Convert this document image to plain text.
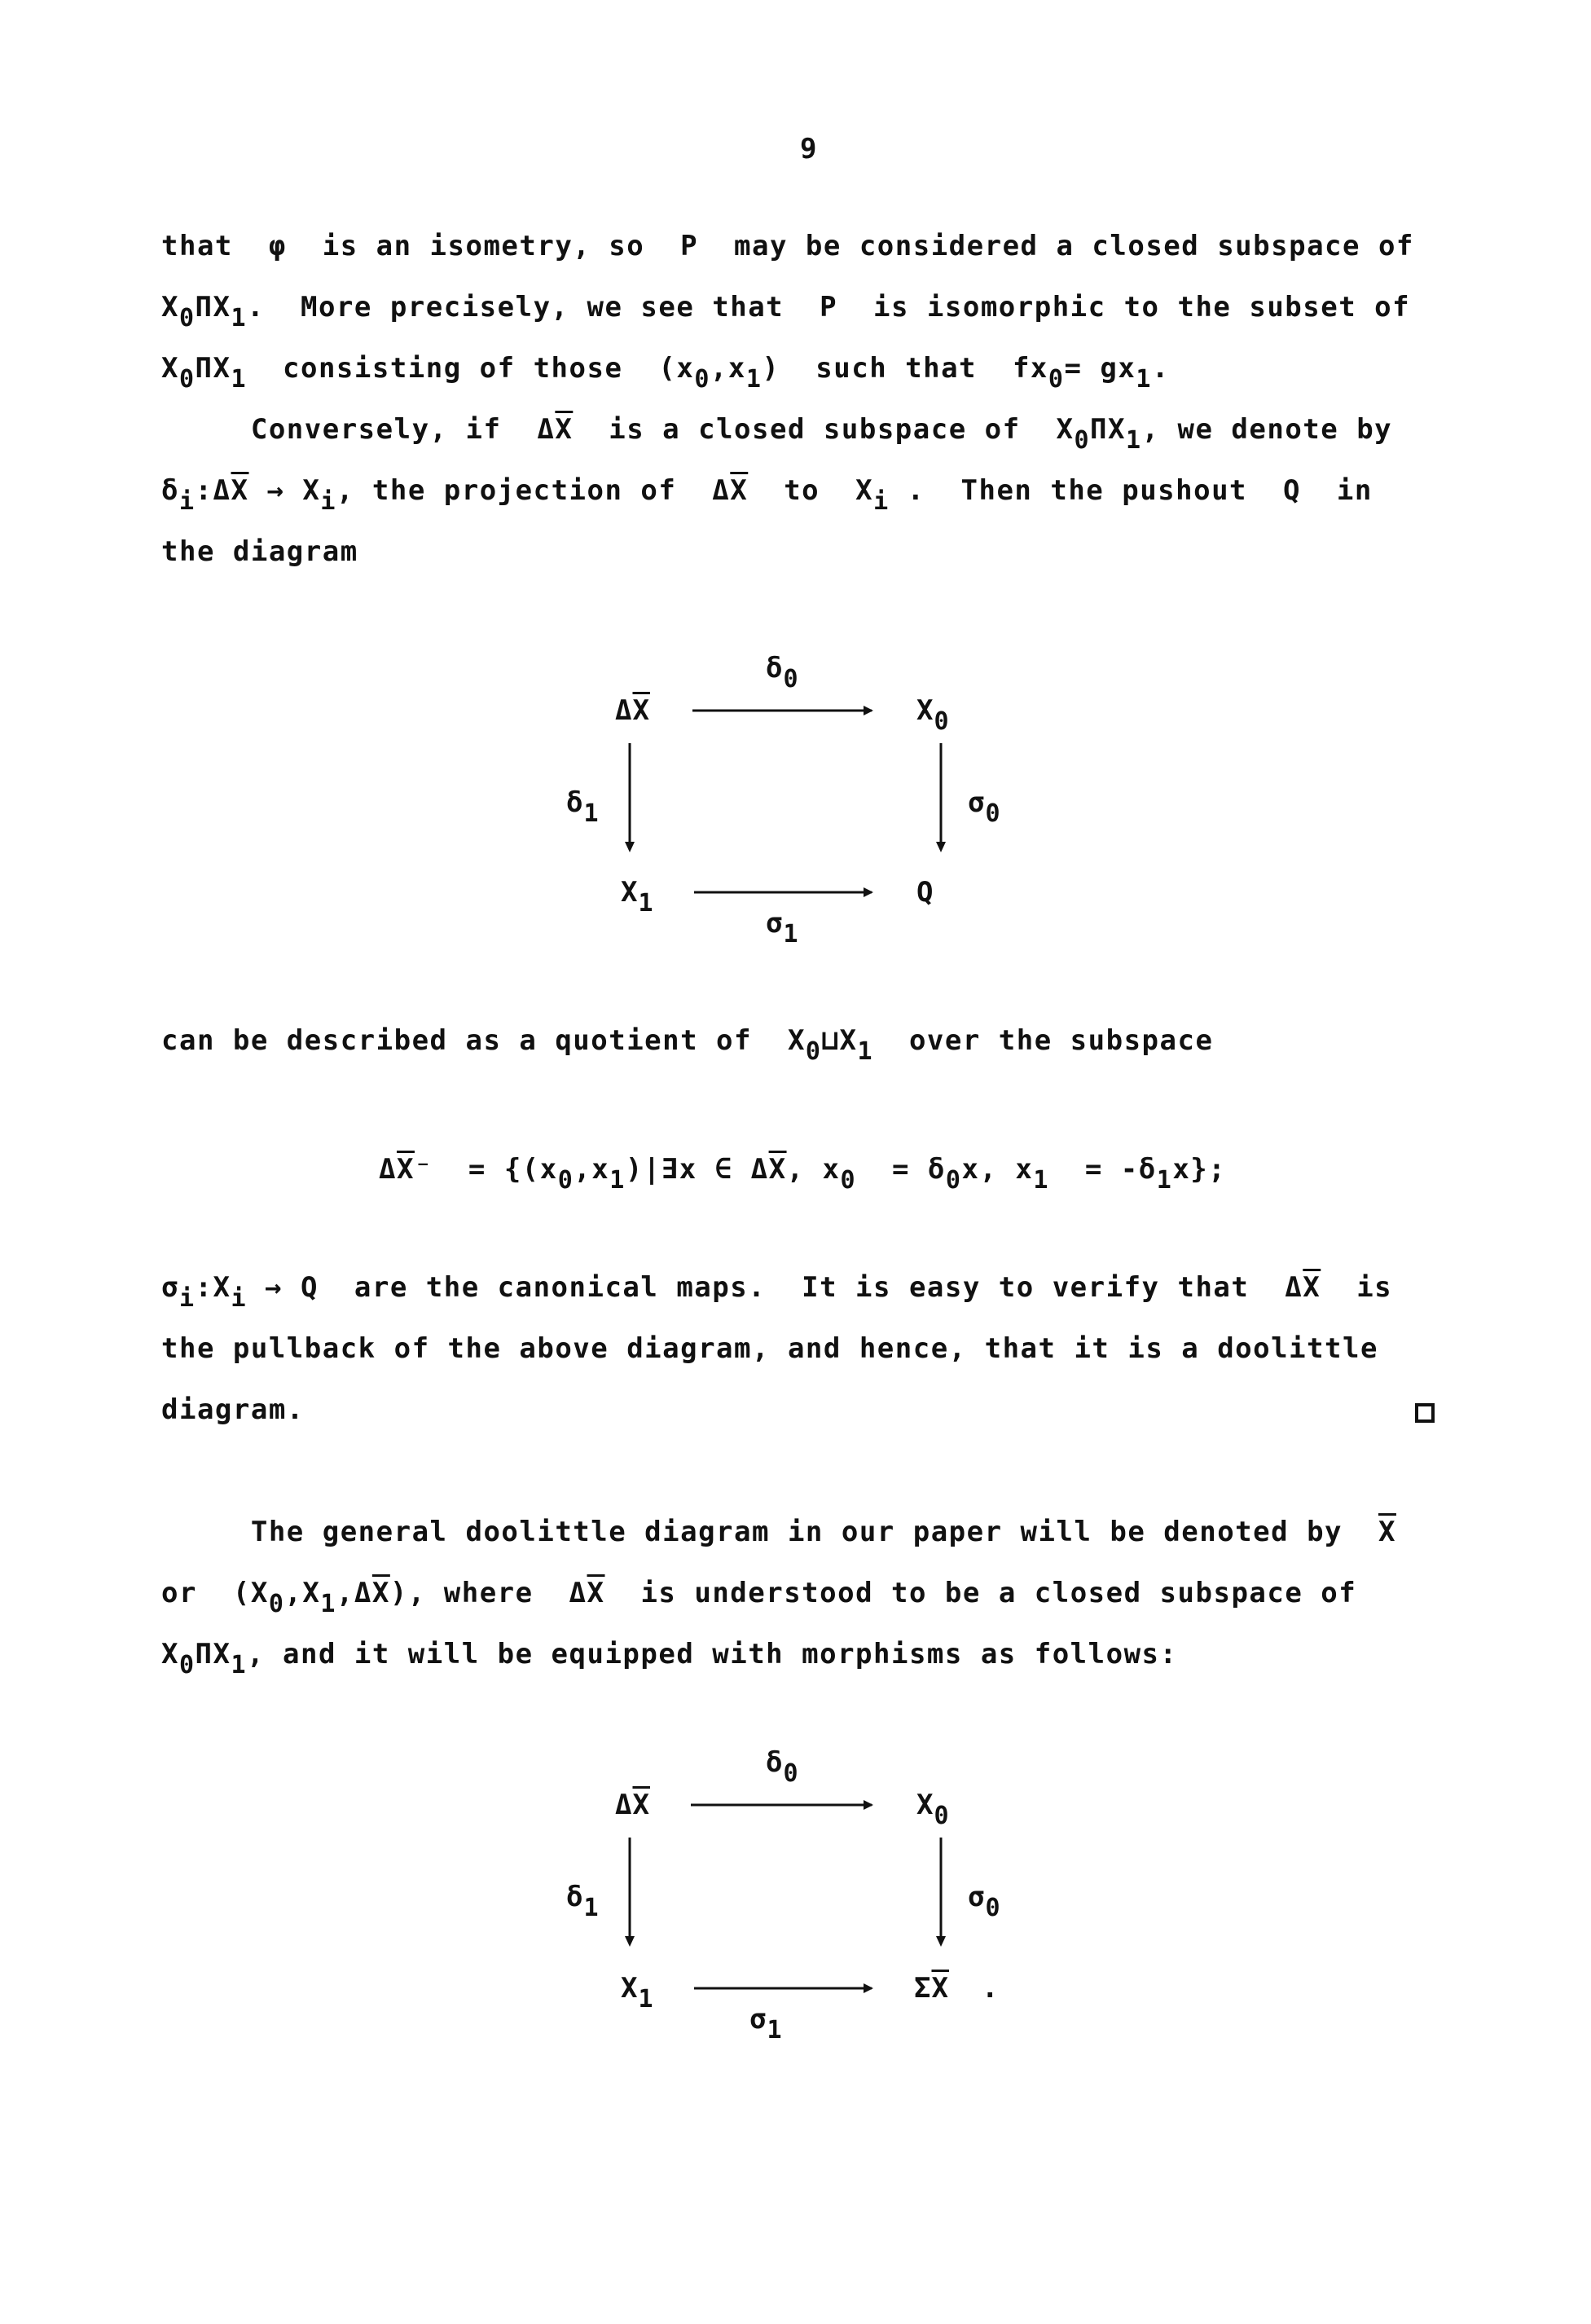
9
that  φ  is an isometry, so  P  may be considered a closed subspace of
$X_0\Pi X_1$.  More precisely, we see that  P  is isomorphic to the subset of
$X_0\Pi X_1$  consisting of those  $(x_0,x_1)$  such that  $fx_0= gx_1$.
Conversely, if  $\Delta\overline{X}$  is a closed subspace of  $X_0\Pi X_1$, we denote by
$\delta_i:\Delta\overline{X} \to X_i$, the projection of  $\Delta\overline{X}$  to  $X_i$ .  Then the pushout  Q  in
the diagram
$\Delta\overline{X}$	$X_0$
$X_1$	Q
$\delta_0$
$\delta_1$	$\sigma_0$
$\sigma_1$
can be described as a quotient of  $X_0⊔X_1$  over the subspace
$\Delta\overline{X}^-$  = {$(x_0,x_1)|\exists x$ ∈ $\Delta\overline{X}$, $x_0 = \delta_0x$, $x_1 = -\delta_1x$};
$\sigma_i:X_i \to Q$  are the canonical maps.  It is easy to verify that  $\Delta\overline{X}$  is
the pullback of the above diagram, and hence, that it is a doolittle
diagram.
The general doolittle diagram in our paper will be denoted by  $\overline{X}$
or  $(X_0,X_1,\Delta\overline{X})$, where  $\Delta\overline{X}$  is understood to be a closed subspace of
$X_0\Pi X_1$, and it will be equipped with morphisms as follows:
$\Delta\overline{X}$	$X_0$
$X_1$	$\Sigma\overline{X}$ .
$\delta_0$
$\delta_1$	$\sigma_0$
$\sigma_1$
